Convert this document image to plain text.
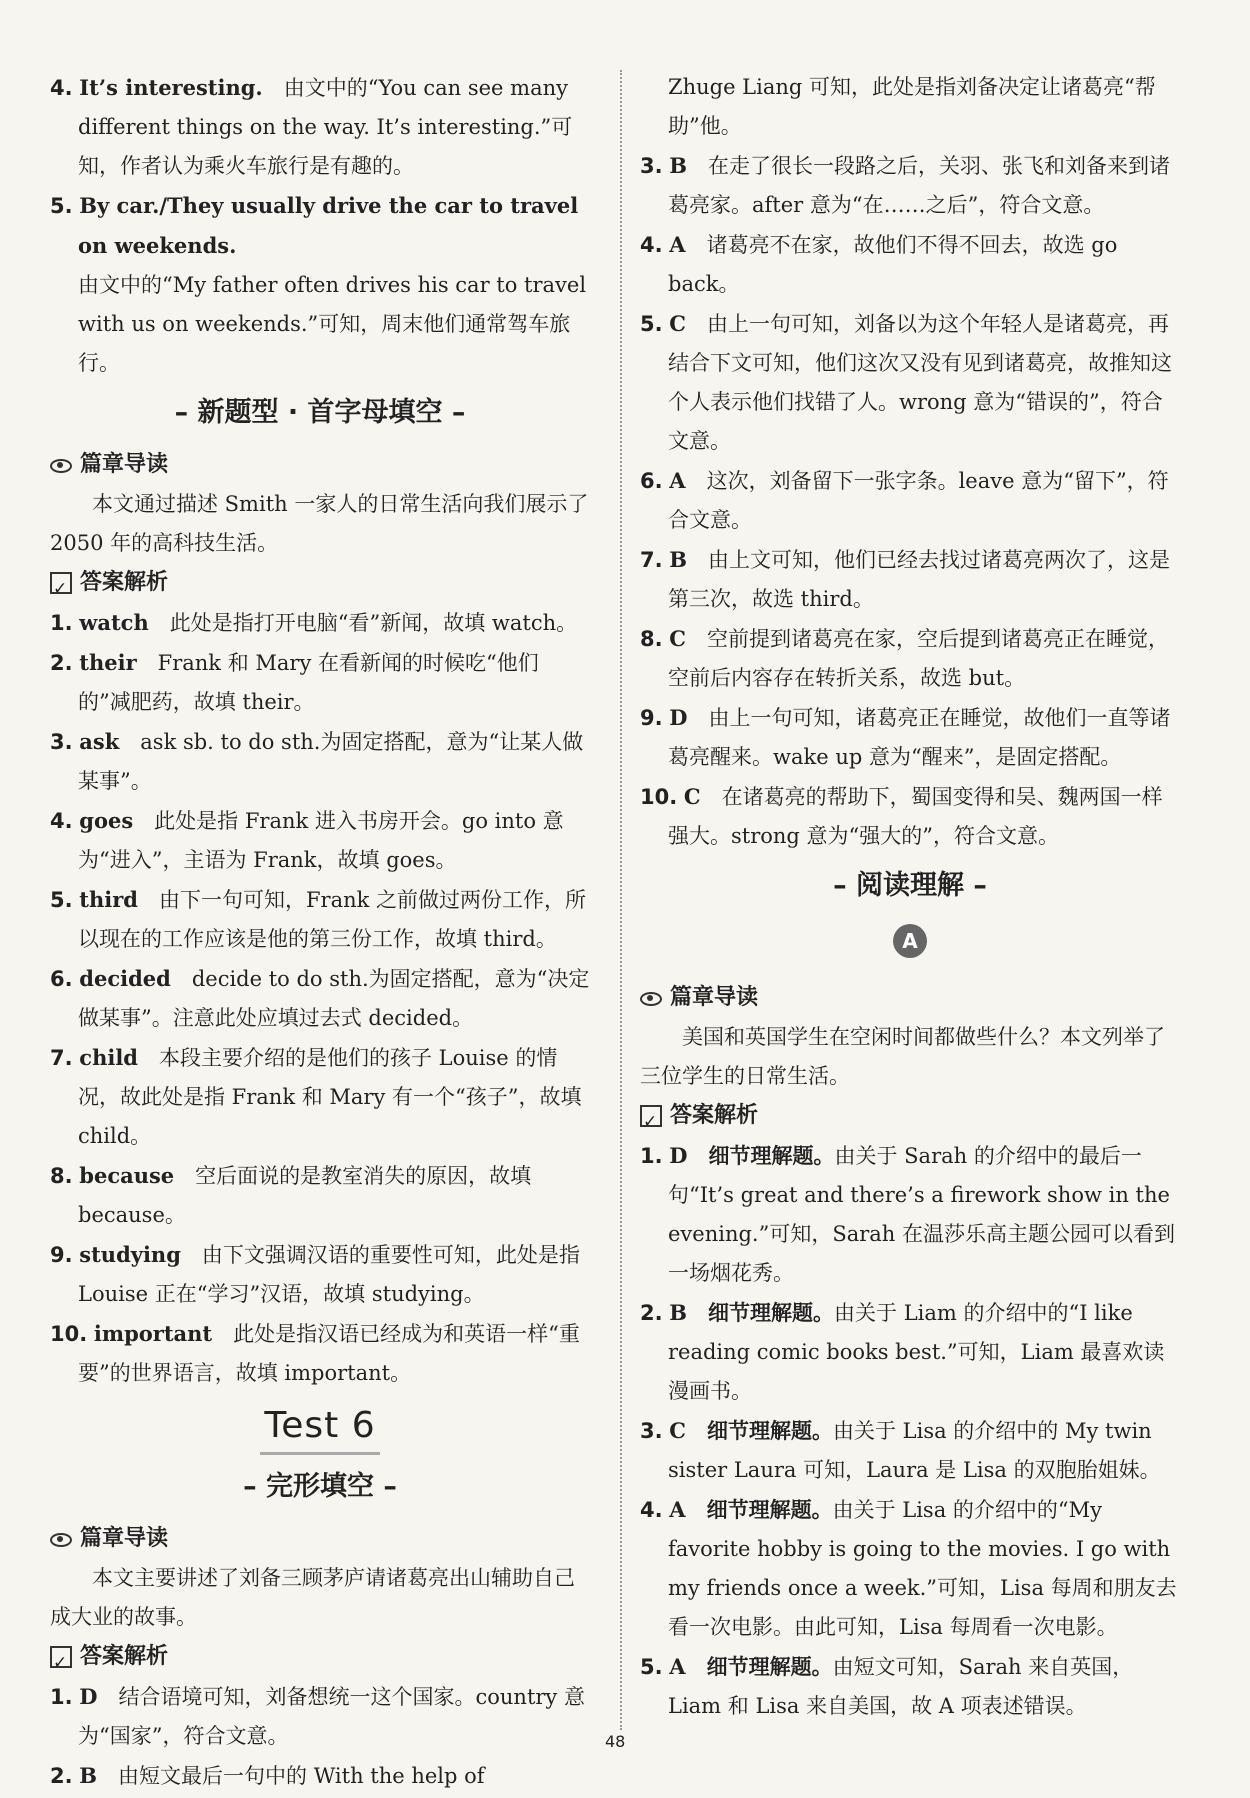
4. It’s interesting.　 由文中的“You can see many different things on the way. It’s interesting.”可知，作者认为乘火车旅行是有趣的。

5. By car./They usually drive the car to travel on weekends.
由文中的“My father often drives his car to travel with us on weekends.”可知，周末他们通常驾车旅行。

– 新题型 · 首字母填空 –
篇章导读

本文通过描述 Smith 一家人的日常生活向我们展示了 2050 年的高科技生活。

✓
答案解析

1. watch　 此处是指打开电脑“看”新闻，故填 watch。

2. their　 Frank 和 Mary 在看新闻的时候吃“他们的”减肥药，故填 their。

3. ask　 ask sb. to do sth.为固定搭配，意为“让某人做某事”。

4. goes　 此处是指 Frank 进入书房开会。go into 意为“进入”，主语为 Frank，故填 goes。

5. third　 由下一句可知，Frank 之前做过两份工作，所以现在的工作应该是他的第三份工作，故填 third。

6. decided　 decide to do sth.为固定搭配，意为“决定做某事”。注意此处应填过去式 decided。

7. child　 本段主要介绍的是他们的孩子 Louise 的情况，故此处是指 Frank 和 Mary 有一个“孩子”，故填 child。

8. because　 空后面说的是教室消失的原因，故填 because。

9. studying　 由下文强调汉语的重要性可知，此处是指 Louise 正在“学习”汉语，故填 studying。

10. important　 此处是指汉语已经成为和英语一样“重要”的世界语言，故填 important。

Test 6
– 完形填空 –
篇章导读

本文主要讲述了刘备三顾茅庐请诸葛亮出山辅助自己成大业的故事。

✓
答案解析

1. D　 结合语境可知，刘备想统一这个国家。country 意为“国家”，符合文意。

2. B　 由短文最后一句中的 With the help of

Zhuge Liang 可知，此处是指刘备决定让诸葛亮“帮助”他。

3. B　 在走了很长一段路之后，关羽、张飞和刘备来到诸葛亮家。after 意为“在……之后”，符合文意。

4. A　 诸葛亮不在家，故他们不得不回去，故选 go back。

5. C　 由上一句可知，刘备以为这个年轻人是诸葛亮，再结合下文可知，他们这次又没有见到诸葛亮，故推知这个人表示他们找错了人。wrong 意为“错误的”，符合文意。

6. A　 这次，刘备留下一张字条。leave 意为“留下”，符合文意。

7. B　 由上文可知，他们已经去找过诸葛亮两次了，这是第三次，故选 third。

8. C　 空前提到诸葛亮在家，空后提到诸葛亮正在睡觉，空前后内容存在转折关系，故选 but。

9. D　 由上一句可知，诸葛亮正在睡觉，故他们一直等诸葛亮醒来。wake up 意为“醒来”，是固定搭配。

10. C　 在诸葛亮的帮助下，蜀国变得和吴、魏两国一样强大。strong 意为“强大的”，符合文意。

– 阅读理解 –
A
篇章导读

美国和英国学生在空闲时间都做些什么？本文列举了三位学生的日常生活。

✓
答案解析

1. D　 细节理解题。由关于 Sarah 的介绍中的最后一句“It’s great and there’s a firework show in the evening.”可知，Sarah 在温莎乐高主题公园可以看到一场烟花秀。

2. B　 细节理解题。由关于 Liam 的介绍中的“I like reading comic books best.”可知，Liam 最喜欢读漫画书。

3. C　 细节理解题。由关于 Lisa 的介绍中的 My twin sister Laura 可知，Laura 是 Lisa 的双胞胎姐妹。

4. A　 细节理解题。由关于 Lisa 的介绍中的“My favorite hobby is going to the movies. I go with my friends once a week.”可知，Lisa 每周和朋友去看一次电影。由此可知，Lisa 每周看一次电影。

5. A　 细节理解题。由短文可知，Sarah 来自英国，Liam 和 Lisa 来自美国，故 A 项表述错误。

48
